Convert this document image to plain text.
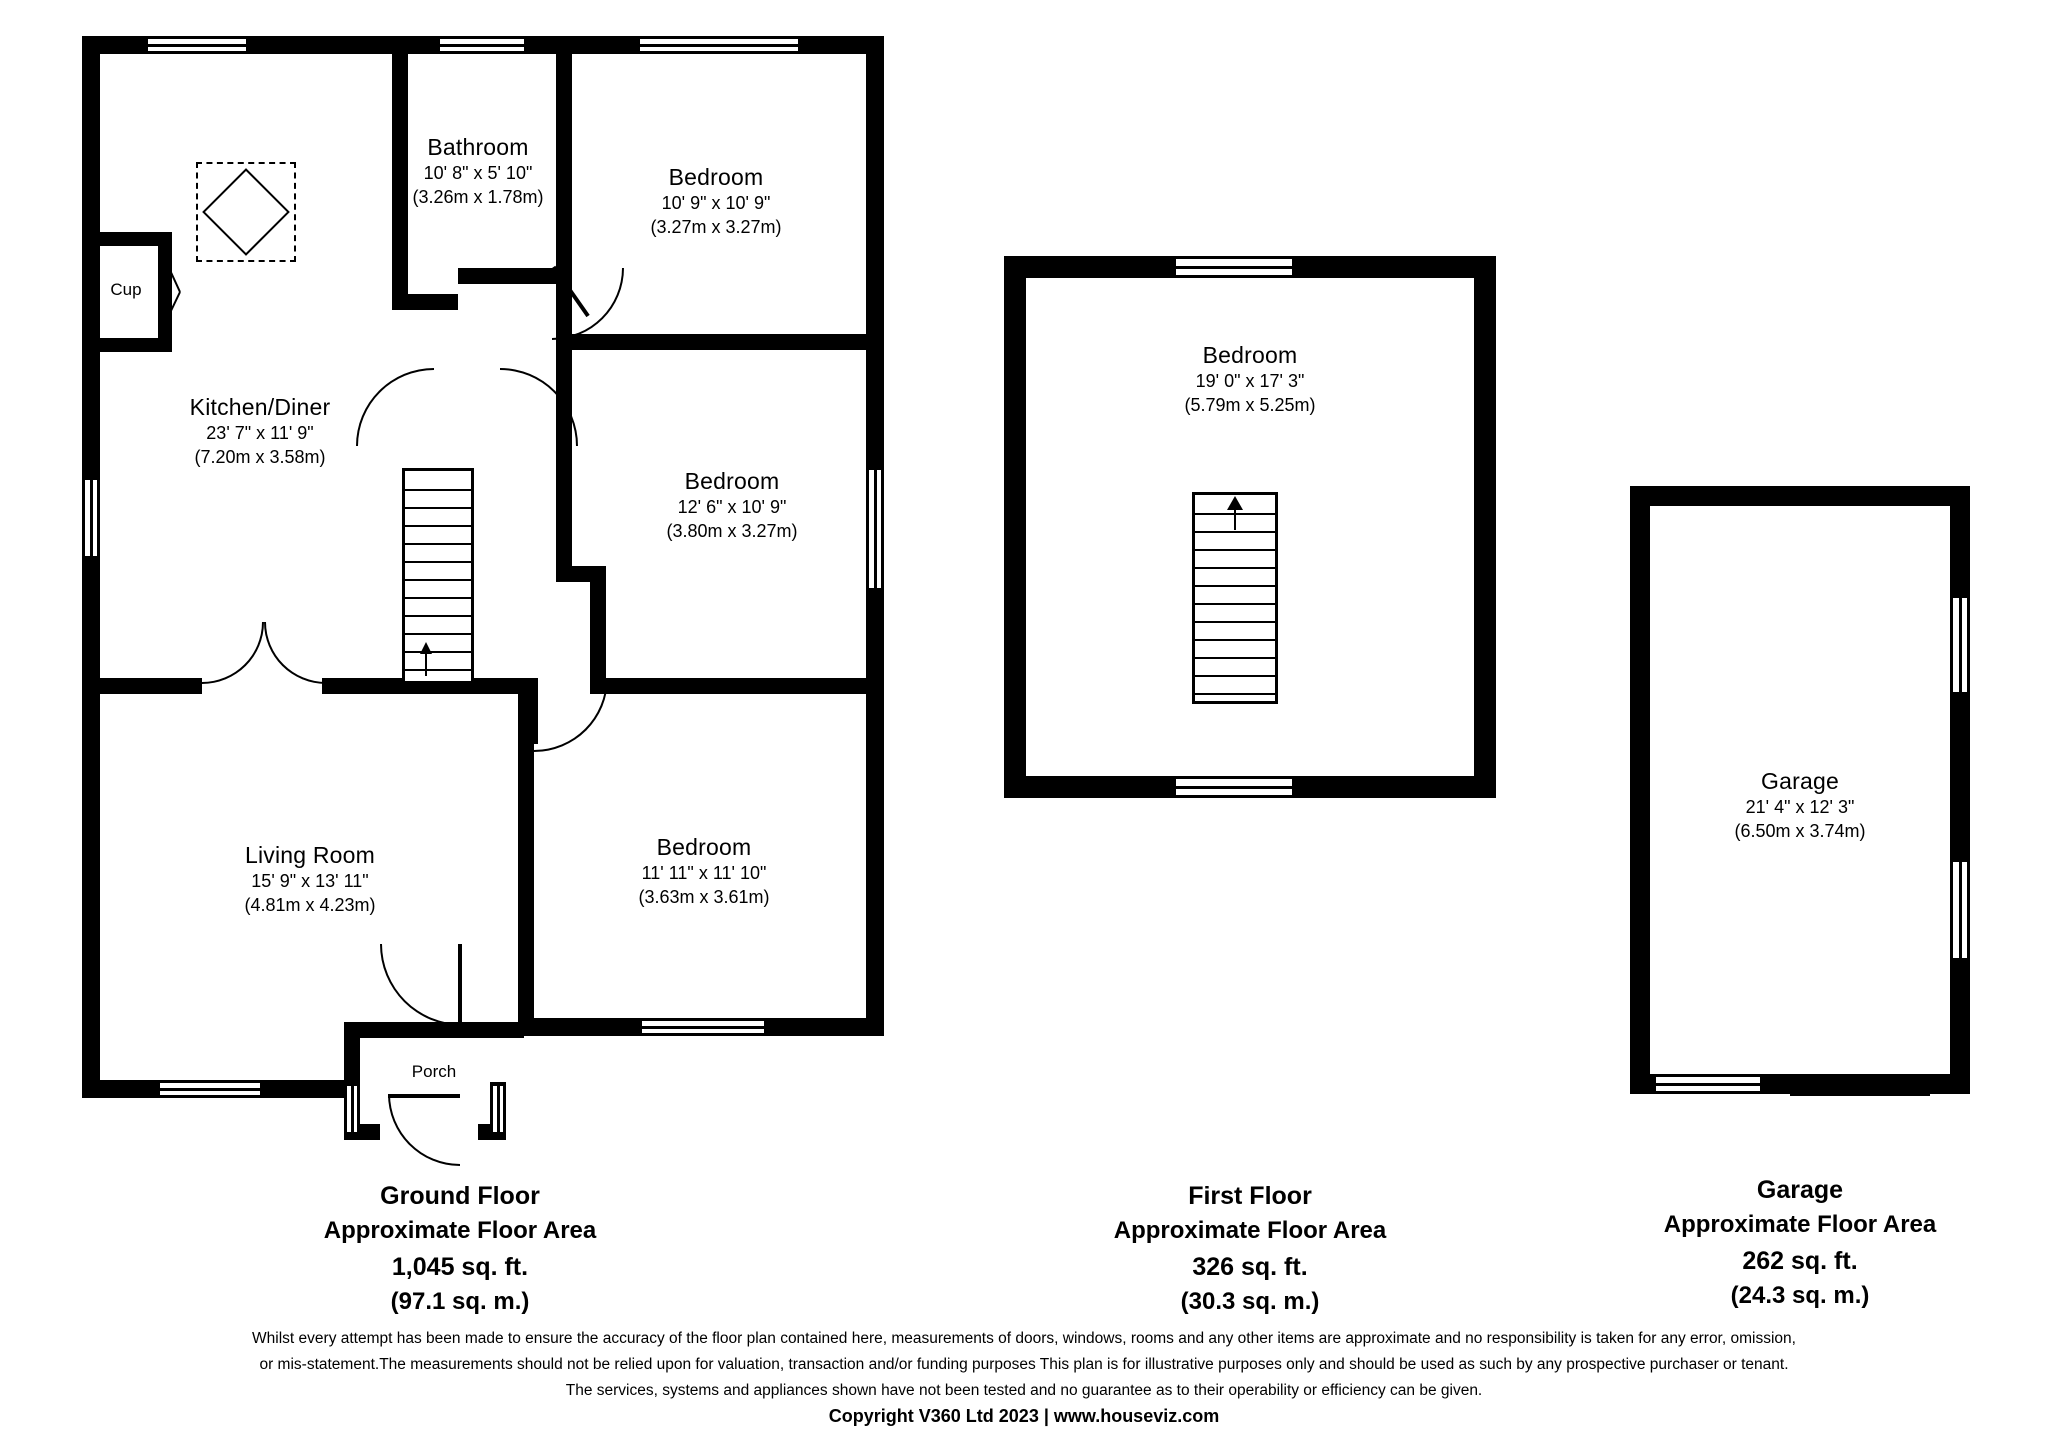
Cup
Bathroom
10' 8" x 5' 10"
(3.26m x 1.78m)
Bedroom
10' 9" x 10' 9"
(3.27m x 3.27m)
Kitchen/Diner
23' 7" x 11' 9"
(7.20m x 3.58m)
Bedroom
12' 6" x 10' 9"
(3.80m x 3.27m)
Living Room
15' 9" x 13' 11"
(4.81m x 4.23m)
Bedroom
11' 11" x 11' 10"
(3.63m x 3.61m)
Porch
Ground Floor
Approximate Floor Area
1,045 sq. ft.
(97.1 sq. m.)
Bedroom
19' 0" x 17' 3"
(5.79m x 5.25m)
First Floor
Approximate Floor Area
326 sq. ft.
(30.3 sq. m.)
Garage
21' 4" x 12' 3"
(6.50m x 3.74m)
Garage
Approximate Floor Area
262 sq. ft.
(24.3 sq. m.)
Whilst every attempt has been made to ensure the accuracy of the floor plan contained here, measurements of doors, windows, rooms and any other items are approximate and no responsibility is taken for any error, omission,
or mis-statement.The measurements should not be relied upon for valuation, transaction and/or funding purposes This plan is for illustrative purposes only and should be used as such by any prospective purchaser or tenant.
The services, systems and appliances shown have not been tested and no guarantee as to their operability or efficiency can be given.
Copyright V360 Ltd 2023 | www.houseviz.com
